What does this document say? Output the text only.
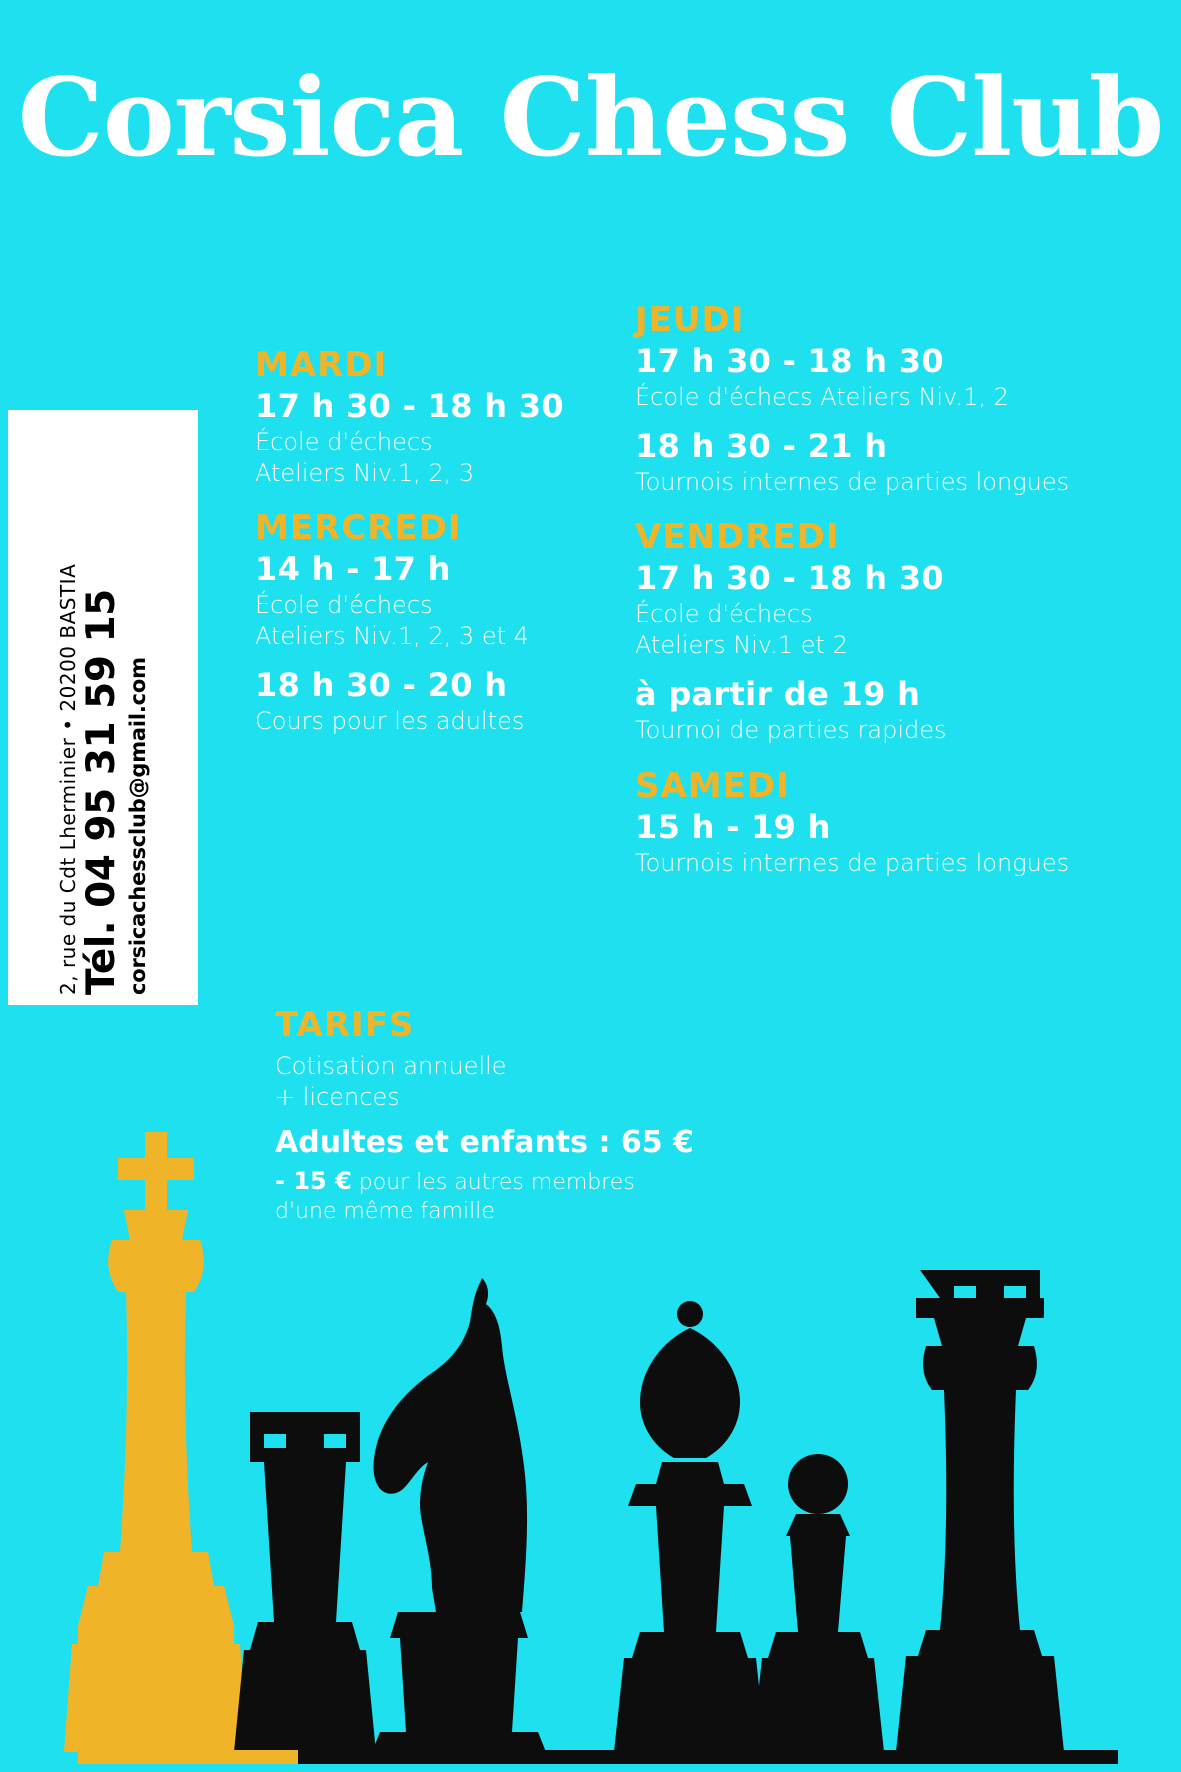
Corsica Chess Club
2, rue du Cdt Lherminier • 20200 BASTIA Tél. 04 95 31 59 15 corsicachessclub@gmail.com
MARDI
17 h 30 - 18 h 30
École d'échecs
Ateliers Niv.1, 2, 3
MERCREDI
14 h - 17 h
École d'échecs
Ateliers Niv.1, 2, 3 et 4
18 h 30 - 20 h
Cours pour les adultes
JEUDI
17 h 30 - 18 h 30
École d'échecs Ateliers Niv.1, 2
18 h 30 - 21 h
Tournois internes de parties longues
VENDREDI
17 h 30 - 18 h 30
École d'échecs
Ateliers Niv.1 et 2
à partir de 19 h
Tournoi de parties rapides
SAMEDI
15 h - 19 h
Tournois internes de parties longues
TARIFS
Cotisation annuelle
+ licences
Adultes et enfants : 65 €
- 15 € pour les autres membres
d'une même famille
